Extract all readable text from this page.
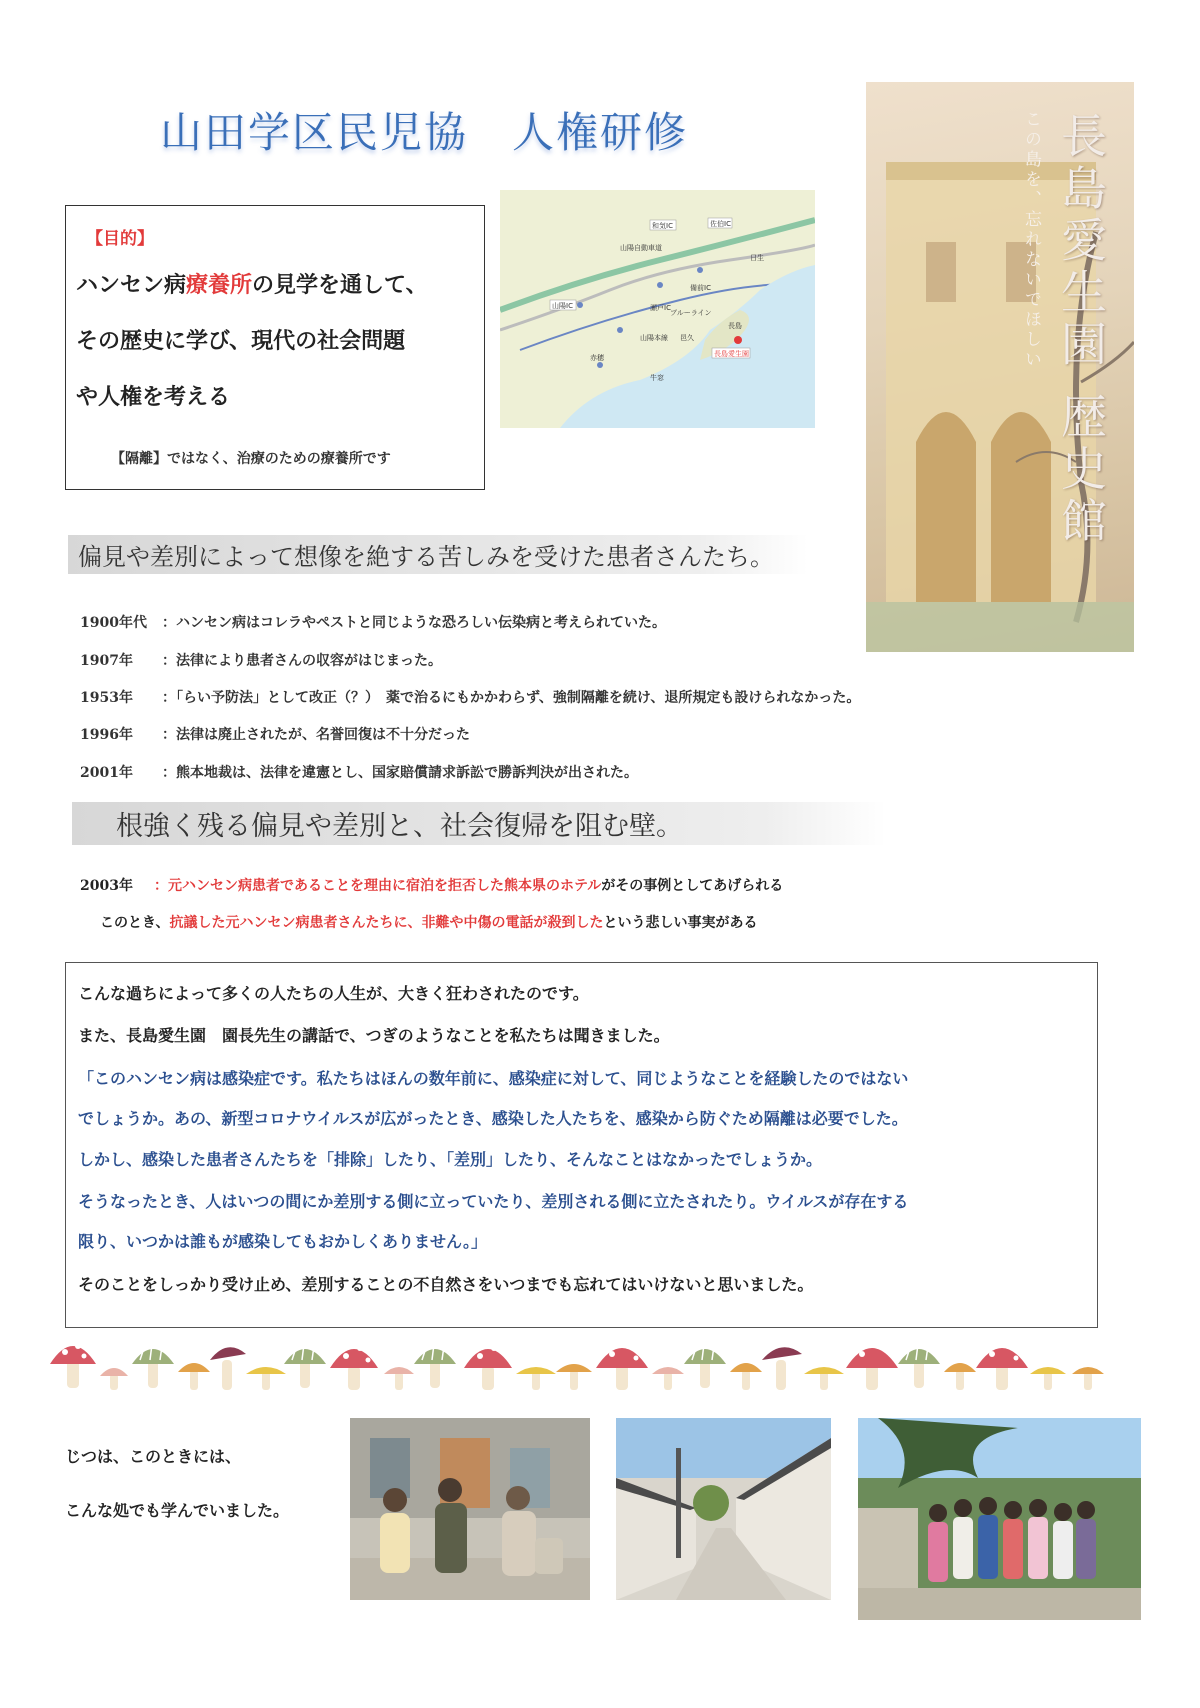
山田学区民児協　人権研修
【目的】
ハンセン病療養所の見学を通して、
その歴史に学び、現代の社会問題
や人権を考える
【隔離】ではなく、治療のための療養所です
和気IC	佐伯IC
山陽IC
山陽自動車道
瀬戸IC
備前IC
日生
赤穂
山陽本線
長島
長島愛生園
邑久
ブルーライン
牛窓	長島愛生園 歴史館
この島を、忘れないでほしい
偏見や差別によって想像を絶する苦しみを受けた患者さんたち。
1900年代 ：ハンセン病はコレラやペストと同じような恐ろしい伝染病と考えられていた。
1907年 ：法律により患者さんの収容がはじまった。
1953年 ：「らい予防法」として改正（？）　薬で治るにもかかわらず、強制隔離を続け、退所規定も設けられなかった。
1996年 ：法律は廃止されたが、名誉回復は不十分だった
2001年 ：熊本地裁は、法律を違憲とし、国家賠償請求訴訟で勝訴判決が出された。
根強く残る偏見や差別と、社会復帰を阻む壁。
2003年 ：元ハンセン病患者であることを理由に宿泊を拒否した熊本県のホテルがその事例としてあげられる
このとき、抗議した元ハンセン病患者さんたちに、非難や中傷の電話が殺到したという悲しい事実がある
こんな過ちによって多くの人たちの人生が、大きく狂わされたのです。
また、長島愛生園　園長先生の講話で、つぎのようなことを私たちは聞きました。
「このハンセン病は感染症です。私たちはほんの数年前に、感染症に対して、同じようなことを経験したのではない
でしょうか。あの、新型コロナウイルスが広がったとき、感染した人たちを、感染から防ぐため隔離は必要でした。
しかし、感染した患者さんたちを「排除」したり、「差別」したり、そんなことはなかったでしょうか。
そうなったとき、人はいつの間にか差別する側に立っていたり、差別される側に立たされたり。ウイルスが存在する
限り、いつかは誰もが感染してもおかしくありません。」
そのことをしっかり受け止め、差別することの不自然さをいつまでも忘れてはいけないと思いました。
じつは、このときには、
こんな処でも学んでいました。
